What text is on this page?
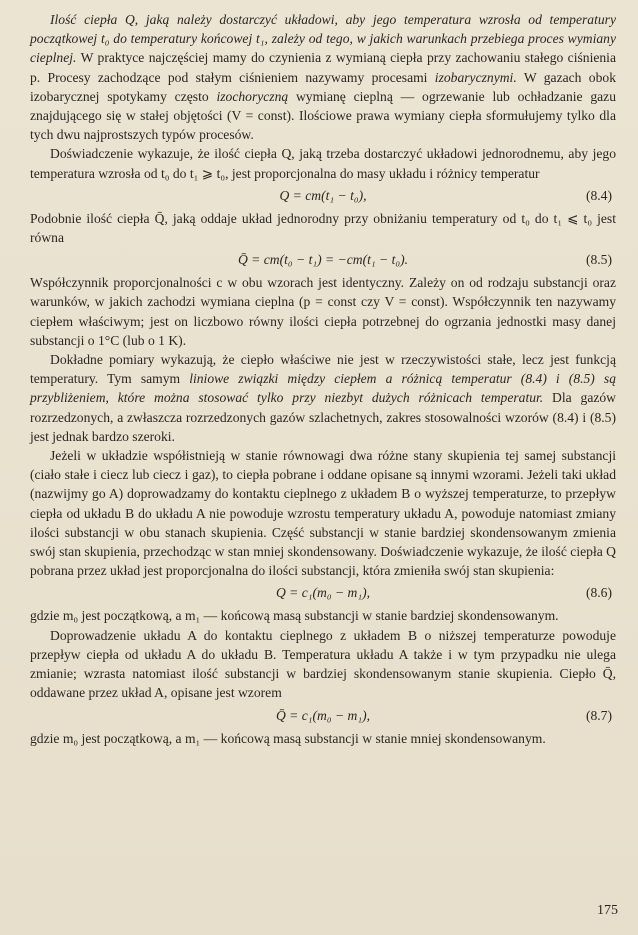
Ilość ciepła Q, jaką należy dostarczyć układowi, aby jego temperatura wzrosła od temperatury początkowej t₀ do temperatury końcowej t₁, zależy od tego, w jakich warunkach przebiega proces wymiany cieplnej. W praktyce najczęściej mamy do czynienia z wymianą ciepła przy zachowaniu stałego ciśnienia p. Procesy zachodzące pod stałym ciśnieniem nazywamy procesami izobarycznymi. W gazach obok izobarycznej spotykamy często izochoryczną wymianę cieplną — ogrzewanie lub ochładzanie gazu znajdującego się w stałej objętości (V = const). Ilościowe prawa wymiany ciepła sformułujemy tylko dla tych dwu najprostszych typów procesów.

Doświadczenie wykazuje, że ilość ciepła Q, jaką trzeba dostarczyć układowi jednorodnemu, aby jego temperatura wzrosła od t₀ do t₁ ⩾ t₀, jest proporcjonalna do masy układu i różnicy temperatur

Q = cm(t₁ − t₀),	(8.4)

Podobnie ilość ciepła Q̄, jaką oddaje układ jednorodny przy obniżaniu temperatury od t₀ do t₁ ⩽ t₀ jest równa

Q̄ = cm(t₀ − t₁) = −cm(t₁ − t₀).	(8.5)

Współczynnik proporcjonalności c w obu wzorach jest identyczny. Zależy on od rodzaju substancji oraz warunków, w jakich zachodzi wymiana cieplna (p = const czy V = const). Współczynnik ten nazywamy ciepłem właściwym; jest on liczbowo równy ilości ciepła potrzebnej do ogrzania jednostki masy danej substancji o 1°C (lub o 1 K).

Dokładne pomiary wykazują, że ciepło właściwe nie jest w rzeczywistości stałe, lecz jest funkcją temperatury. Tym samym liniowe związki między ciepłem a różnicą temperatur (8.4) i (8.5) są przybliżeniem, które można stosować tylko przy niezbyt dużych różnicach temperatur. Dla gazów rozrzedzonych, a zwłaszcza rozrzedzonych gazów szlachetnych, zakres stosowalności wzorów (8.4) i (8.5) jest jednak bardzo szeroki.

Jeżeli w układzie współistnieją w stanie równowagi dwa różne stany skupienia tej samej substancji (ciało stałe i ciecz lub ciecz i gaz), to ciepła pobrane i oddane opisane są innymi wzorami. Jeżeli taki układ (nazwijmy go A) doprowadzamy do kontaktu cieplnego z układem B o wyższej temperaturze, to przepływ ciepła od układu B do układu A nie powoduje wzrostu temperatury układu A, powoduje natomiast zmiany ilości substancji w obu stanach skupienia. Część substancji w stanie bardziej skondensowanym zmienia swój stan skupienia, przechodząc w stan mniej skondensowany. Doświadczenie wykazuje, że ilość ciepła Q pobrana przez układ jest proporcjonalna do ilości substancji, która zmieniła swój stan skupienia:

Q = c₁(m₀ − m₁),	(8.6)

gdzie m₀ jest początkową, a m₁ — końcową masą substancji w stanie bardziej skondensowanym.

Doprowadzenie układu A do kontaktu cieplnego z układem B o niższej temperaturze powoduje przepływ ciepła od układu A do układu B. Temperatura układu A także i w tym przypadku nie ulega zmianie; wzrasta natomiast ilość substancji w bardziej skondensowanym stanie skupienia. Ciepło Q̄, oddawane przez układ A, opisane jest wzorem

Q̄ = c₁(m₀ − m₁),	(8.7)

gdzie m₀ jest początkową, a m₁ — końcową masą substancji w stanie mniej skondensowanym.

175
